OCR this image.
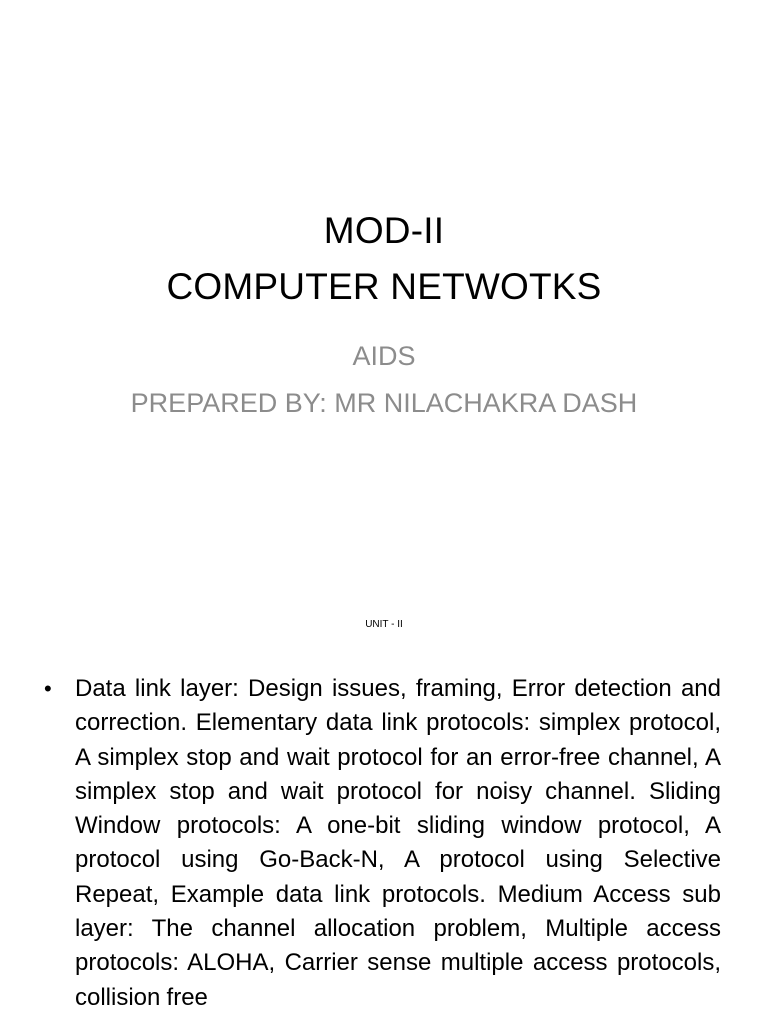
MOD-II
COMPUTER NETWOTKS
AIDS
PREPARED BY: MR NILACHAKRA DASH
UNIT - II
• Data link layer: Design issues, framing, Error detection and correction. Elementary data link protocols: simplex protocol, A simplex stop and wait protocol for an error-free channel, A simplex stop and wait protocol for noisy channel. Sliding Window protocols: A one-bit sliding window protocol, A protocol using Go-Back-N, A protocol using Selective Repeat, Example data link protocols. Medium Access sub layer: The channel allocation problem, Multiple access protocols: ALOHA, Carrier sense multiple access protocols, collision free
